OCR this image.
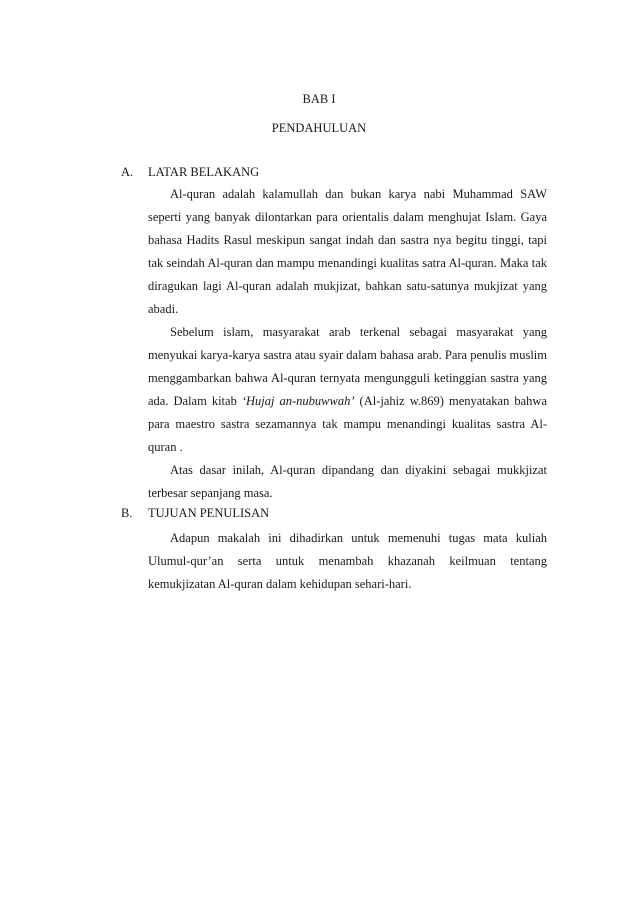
BAB I
PENDAHULUAN
A. LATAR BELAKANG

Al-quran adalah kalamullah dan bukan karya nabi Muhammad SAW seperti yang banyak dilontarkan para orientalis dalam menghujat Islam. Gaya bahasa Hadits Rasul meskipun sangat indah dan sastra nya begitu tinggi, tapi tak seindah Al-quran dan mampu menandingi kualitas satra Al-quran. Maka tak diragukan lagi Al-quran adalah mukjizat, bahkan satu-satunya mukjizat yang abadi.

Sebelum islam, masyarakat arab terkenal sebagai masyarakat yang menyukai karya-karya sastra atau syair dalam bahasa arab. Para penulis muslim menggambarkan bahwa Al-quran ternyata mengungguli ketinggian sastra yang ada. Dalam kitab ‘Hujaj an-nubuwwah’ (Al-jahiz w.869) menyatakan bahwa para maestro sastra sezamannya tak mampu menandingi kualitas sastra Al-quran .

Atas dasar inilah, Al-quran dipandang dan diyakini sebagai mukkjizat terbesar sepanjang masa.

B. TUJUAN PENULISAN

Adapun makalah ini dihadirkan untuk memenuhi tugas mata kuliah Ulumul-qur’an serta untuk menambah khazanah keilmuan tentang kemukjizatan Al-quran dalam kehidupan sehari-hari.
